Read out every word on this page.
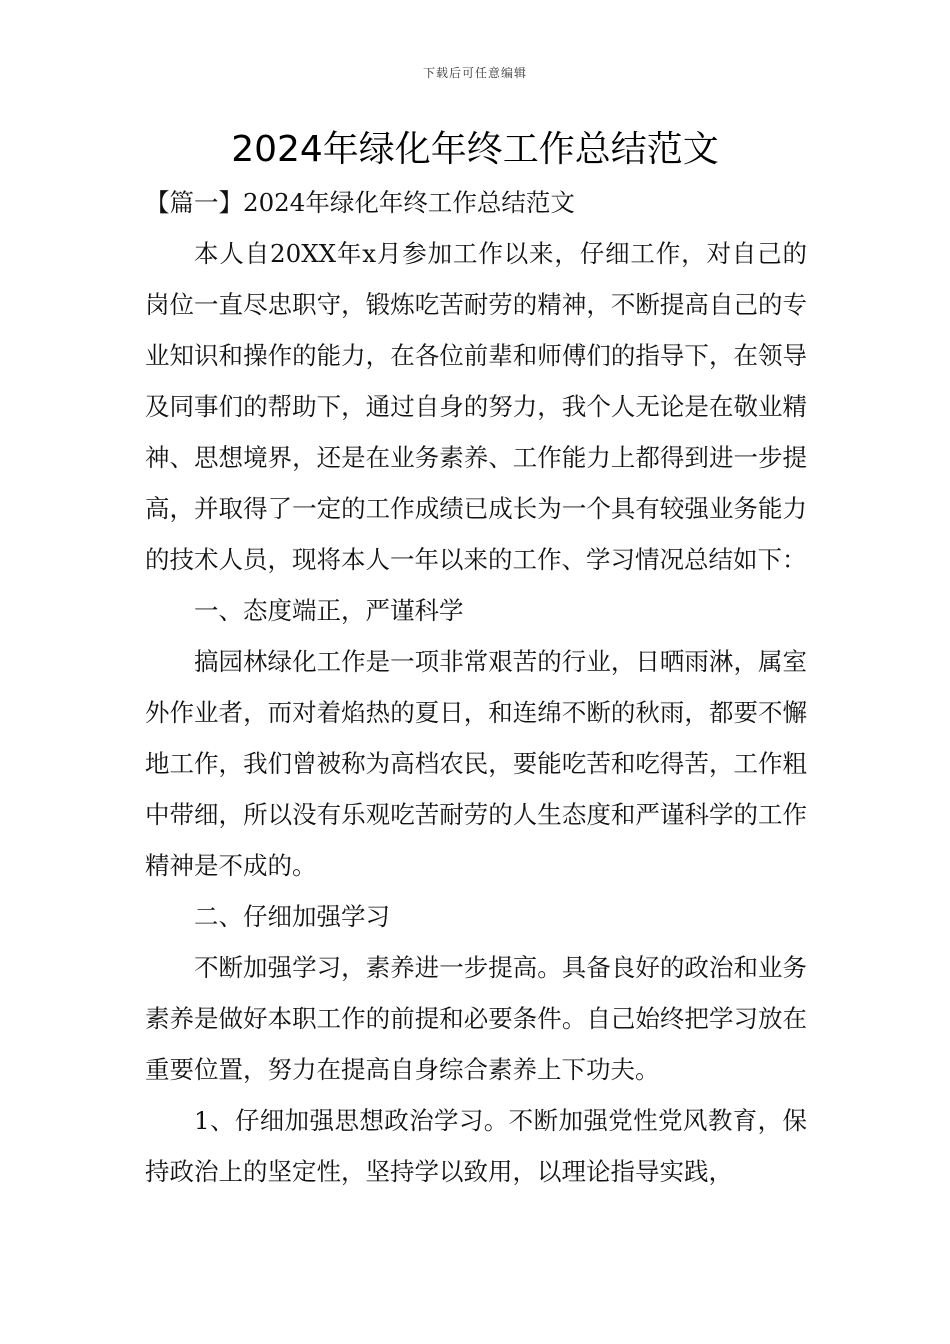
下载后可任意编辑
2024年绿化年终工作总结范文

【篇一】2024年绿化年终工作总结范文

本人自20XX年x月参加工作以来，仔细工作，对自己的岗位一直尽忠职守，锻炼吃苦耐劳的精神，不断提高自己的专业知识和操作的能力，在各位前辈和师傅们的指导下，在领导及同事们的帮助下，通过自身的努力，我个人无论是在敬业精神、思想境界，还是在业务素养、工作能力上都得到进一步提高，并取得了一定的工作成绩已成长为一个具有较强业务能力的技术人员，现将本人一年以来的工作、学习情况总结如下：

一、态度端正，严谨科学

搞园林绿化工作是一项非常艰苦的行业，日晒雨淋，属室外作业者，而对着焰热的夏日，和连绵不断的秋雨，都要不懈地工作，我们曾被称为高档农民，要能吃苦和吃得苦，工作粗中带细，所以没有乐观吃苦耐劳的人生态度和严谨科学的工作精神是不成的。

二、仔细加强学习

不断加强学习，素养进一步提高。具备良好的政治和业务素养是做好本职工作的前提和必要条件。自己始终把学习放在重要位置，努力在提高自身综合素养上下功夫。

1、仔细加强思想政治学习。不断加强党性党风教育，保持政治上的坚定性，坚持学以致用，以理论指导实践，
